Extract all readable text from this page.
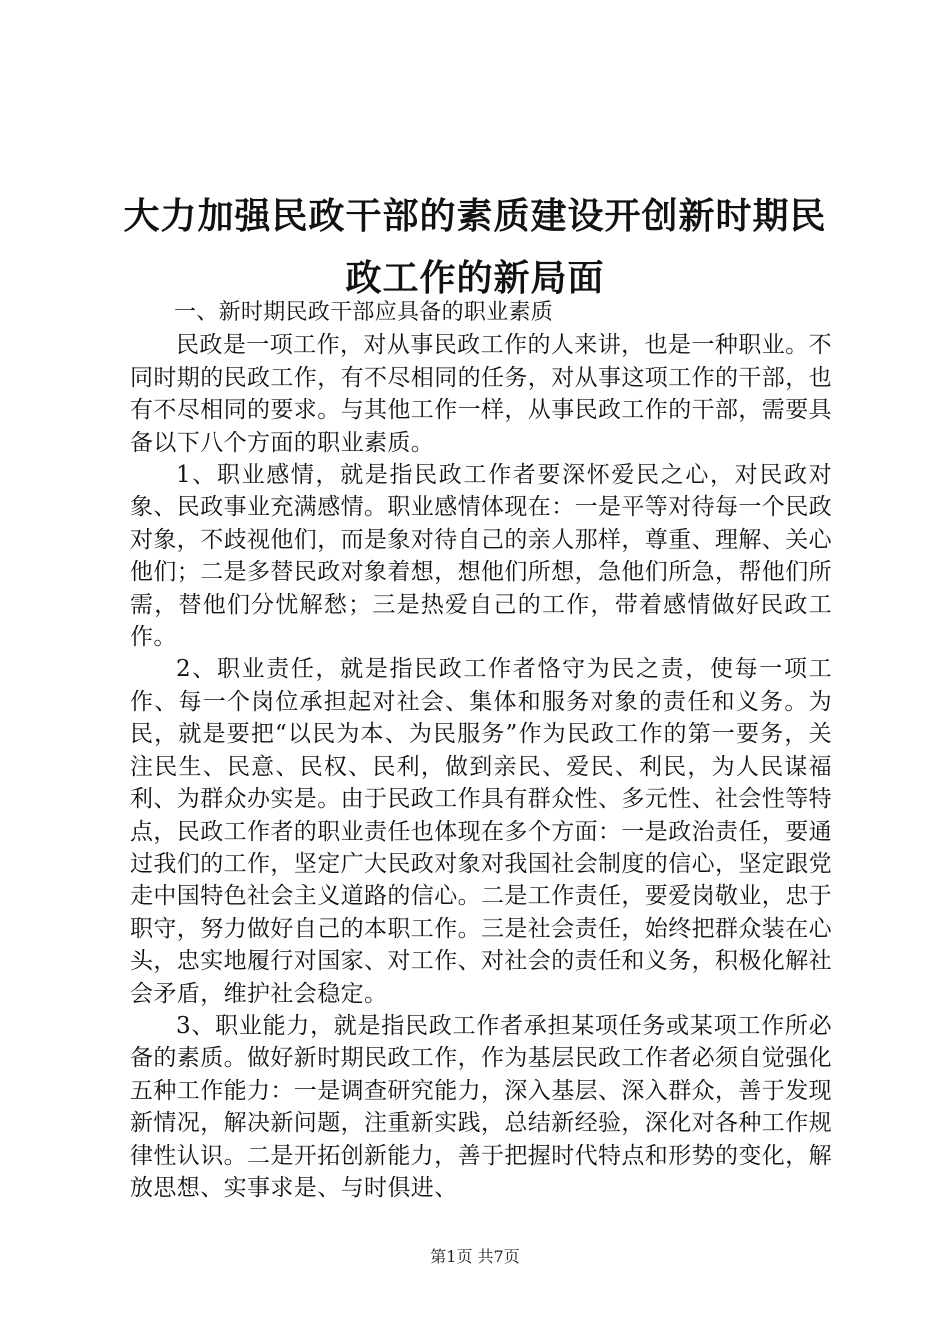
大力加强民政干部的素质建设开创新时期民政工作的新局面

一、新时期民政干部应具备的职业素质

民政是一项工作，对从事民政工作的人来讲，也是一种职业。不同时期的民政工作，有不尽相同的任务，对从事这项工作的干部，也有不尽相同的要求。与其他工作一样，从事民政工作的干部，需要具备以下八个方面的职业素质。

1、职业感情，就是指民政工作者要深怀爱民之心，对民政对象、民政事业充满感情。职业感情体现在：一是平等对待每一个民政对象，不歧视他们，而是象对待自己的亲人那样，尊重、理解、关心他们；二是多替民政对象着想，想他们所想，急他们所急，帮他们所需，替他们分忧解愁；三是热爱自己的工作，带着感情做好民政工作。

2、职业责任，就是指民政工作者恪守为民之责，使每一项工作、每一个岗位承担起对社会、集体和服务对象的责任和义务。为民，就是要把“以民为本、为民服务”作为民政工作的第一要务，关注民生、民意、民权、民利，做到亲民、爱民、利民，为人民谋福利、为群众办实是。由于民政工作具有群众性、多元性、社会性等特点，民政工作者的职业责任也体现在多个方面：一是政治责任，要通过我们的工作，坚定广大民政对象对我国社会制度的信心，坚定跟党走中国特色社会主义道路的信心。二是工作责任，要爱岗敬业，忠于职守，努力做好自己的本职工作。三是社会责任，始终把群众装在心头，忠实地履行对国家、对工作、对社会的责任和义务，积极化解社会矛盾，维护社会稳定。

3、职业能力，就是指民政工作者承担某项任务或某项工作所必备的素质。做好新时期民政工作，作为基层民政工作者必须自觉强化五种工作能力：一是调查研究能力，深入基层、深入群众，善于发现新情况，解决新问题，注重新实践，总结新经验，深化对各种工作规律性认识。二是开拓创新能力，善于把握时代特点和形势的变化，解放思想、实事求是、与时俱进、

第1页 共7页
